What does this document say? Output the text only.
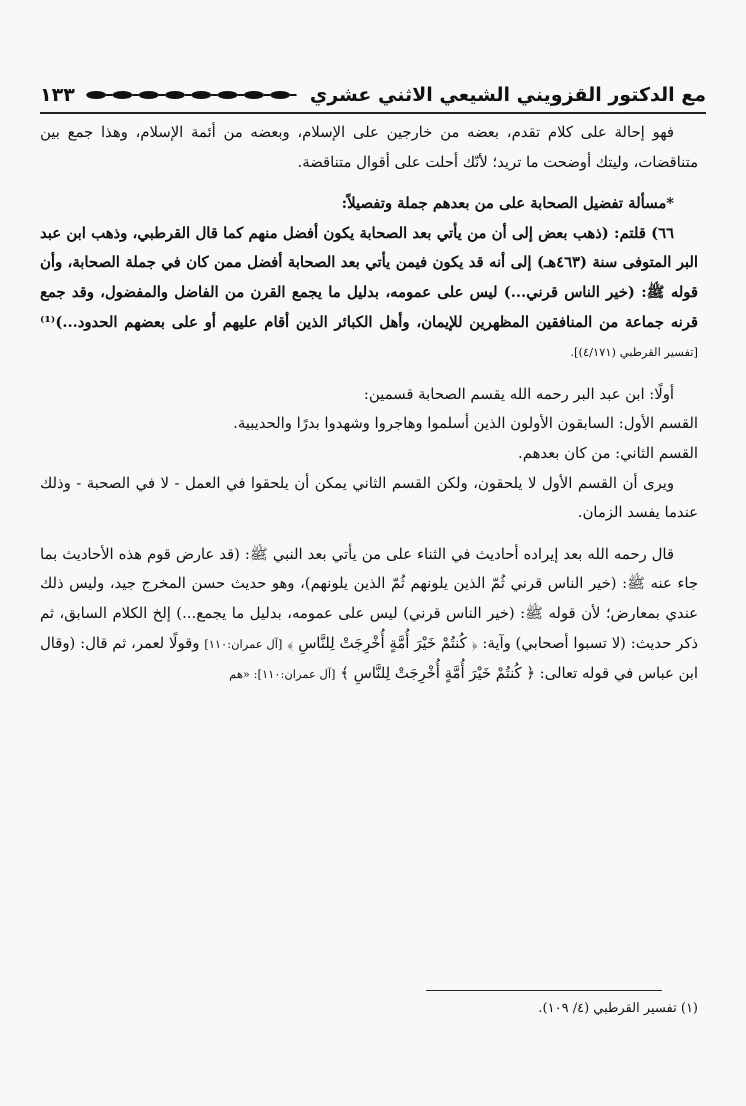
مع الدكتور القزويني الشيعي الاثني عشري
١٣٣

فهو إحالة على كلام تقدم، بعضه من خارجين على الإسلام، وبعضه من أئمة الإسلام، وهذا جمع بين متناقضات، وليتك أوضحت ما تريد؛ لأنّك أحلت على أقوال متناقضة.

*مسألة تفضيل الصحابة على من بعدهم جملة وتفصيلاً:

٦٦) قلتم: (ذهب بعض إلى أن من يأتي بعد الصحابة يكون أفضل منهم كما قال القرطبي، وذهب ابن عبد البر المتوفى سنة (٤٦٣هـ) إلى أنه قد يكون فيمن يأتي بعد الصحابة أفضل ممن كان في جملة الصحابة، وأن قوله ﷺ: (خير الناس قرني...) ليس على عمومه، بدليل ما يجمع القرن من الفاضل والمفضول، وقد جمع قرنه جماعة من المنافقين المظهرين للإيمان، وأهل الكبائر الذين أقام عليهم أو على بعضهم الحدود...)⁽¹⁾ [تفسير القرطبي (٤/١٧١)].

أولًا: ابن عبد البر رحمه الله يقسم الصحابة قسمين:

القسم الأول: السابقون الأولون الذين أسلموا وهاجروا وشهدوا بدرًا والحديبية.

القسم الثاني: من كان بعدهم.

ويرى أن القسم الأول لا يلحقون، ولكن القسم الثاني يمكن أن يلحقوا في العمل - لا في الصحبة - وذلك عندما يفسد الزمان.

قال رحمه الله بعد إيراده أحاديث في الثناء على من يأتي بعد النبي ﷺ: (قد عارض قوم هذه الأحاديث بما جاء عنه ﷺ: (خير الناس قرني ثُمّ الذين يلونهم ثُمّ الذين يلونهم)، وهو حديث حسن المخرج جيد، وليس ذلك عندي بمعارض؛ لأن قوله ﷺ: (خير الناس قرني) ليس على عمومه، بدليل ما يجمع...) إلخ الكلام السابق، ثم ذكر حديث: (لا تسبوا أصحابي) وآية: ﴿ كُنتُمْ خَيْرَ أُمَّةٍ أُخْرِجَتْ لِلنَّاسِ ﴾ [آل عمران:١١٠] وقولًا لعمر، ثم قال: (وقال ابن عباس في قوله تعالى: ﴿ كُنتُمْ خَيْرَ أُمَّةٍ أُخْرِجَتْ لِلنَّاسِ ﴾ [آل عمران:١١٠]: «هم

(١) تفسير القرطبي (٤/ ١٠٩).
